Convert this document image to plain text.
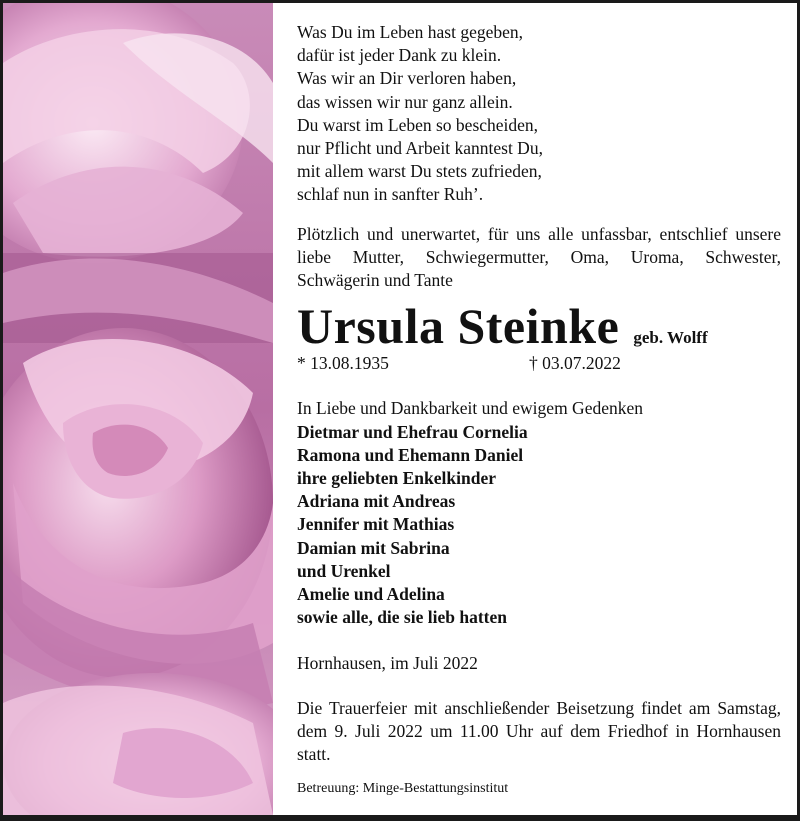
Was Du im Leben hast gegeben,
dafür ist jeder Dank zu klein.
Was wir an Dir verloren haben,
das wissen wir nur ganz allein.
Du warst im Leben so bescheiden,
nur Pflicht und Arbeit kanntest Du,
mit allem warst Du stets zufrieden,
schlaf nun in sanfter Ruh’.
Plötzlich und unerwartet, für uns alle unfassbar, entschlief unsere liebe Mutter, Schwiegermutter, Oma, Uroma, Schwester, Schwägerin und Tante
Ursula Steinke geb. Wolff
* 13.08.1935	† 03.07.2022
In Liebe und Dankbarkeit und ewigem Gedenken
Dietmar und Ehefrau Cornelia
Ramona und Ehemann Daniel
ihre geliebten Enkelkinder
Adriana mit Andreas
Jennifer mit Mathias
Damian mit Sabrina
und Urenkel
Amelie und Adelina
sowie alle, die sie lieb hatten
Hornhausen, im Juli 2022
Die Trauerfeier mit anschließender Beisetzung findet am Samstag, dem 9. Juli 2022 um 11.00 Uhr auf dem Friedhof in Hornhausen statt.
Betreuung: Minge-Bestattungsinstitut
